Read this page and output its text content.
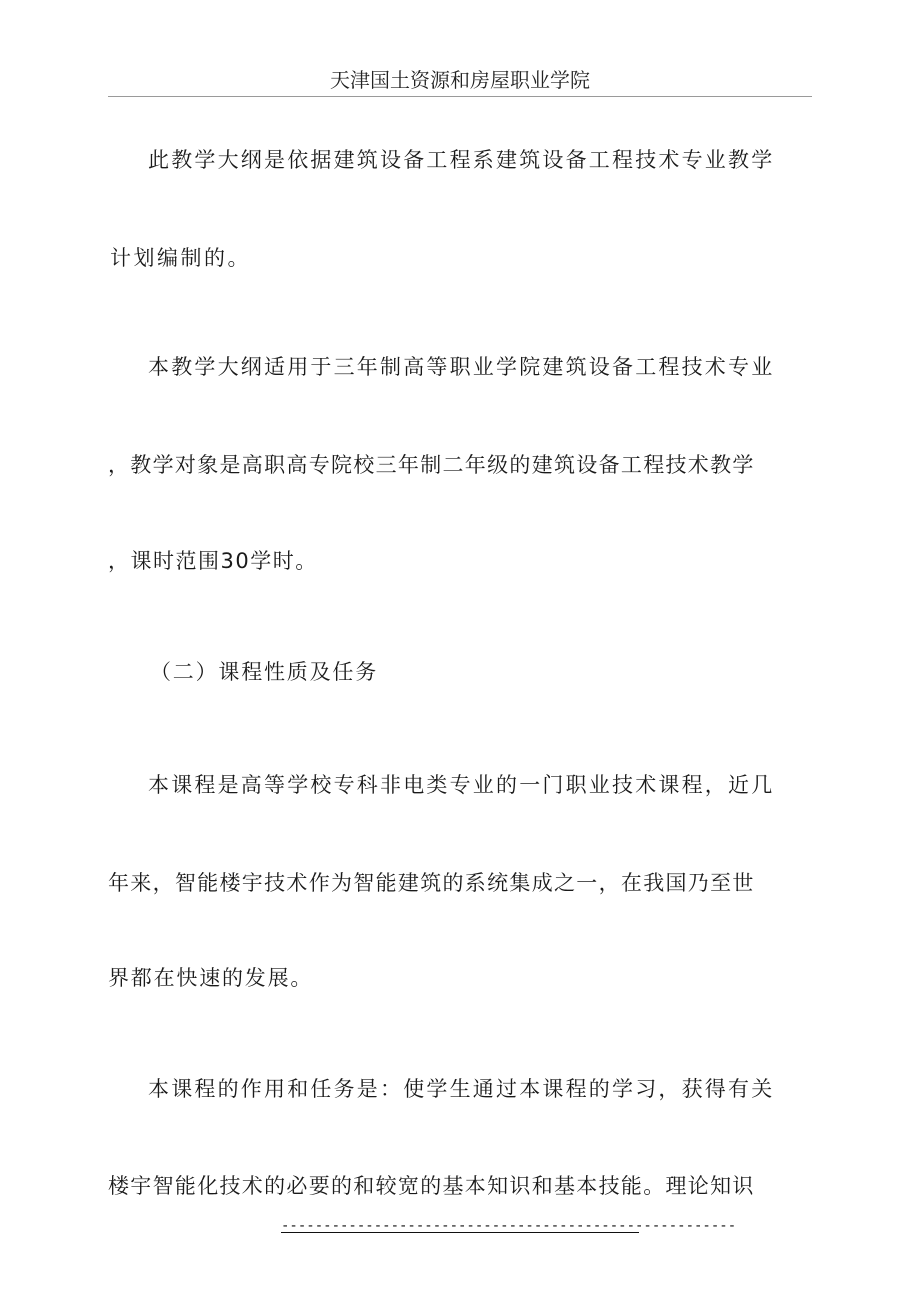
天津国土资源和房屋职业学院
此教学大纲是依据建筑设备工程系建筑设备工程技术专业教学
计划编制的。
本教学大纲适用于三年制高等职业学院建筑设备工程技术专业
，教学对象是高职高专院校三年制二年级的建筑设备工程技术教学
，课时范围30学时。
（二）课程性质及任务
本课程是高等学校专科非电类专业的一门职业技术课程，近几
年来，智能楼宇技术作为智能建筑的系统集成之一，在我国乃至世
界都在快速的发展。
本课程的作用和任务是：使学生通过本课程的学习，获得有关
楼宇智能化技术的必要的和较宽的基本知识和基本技能。理论知识
------------------------------------------------------
